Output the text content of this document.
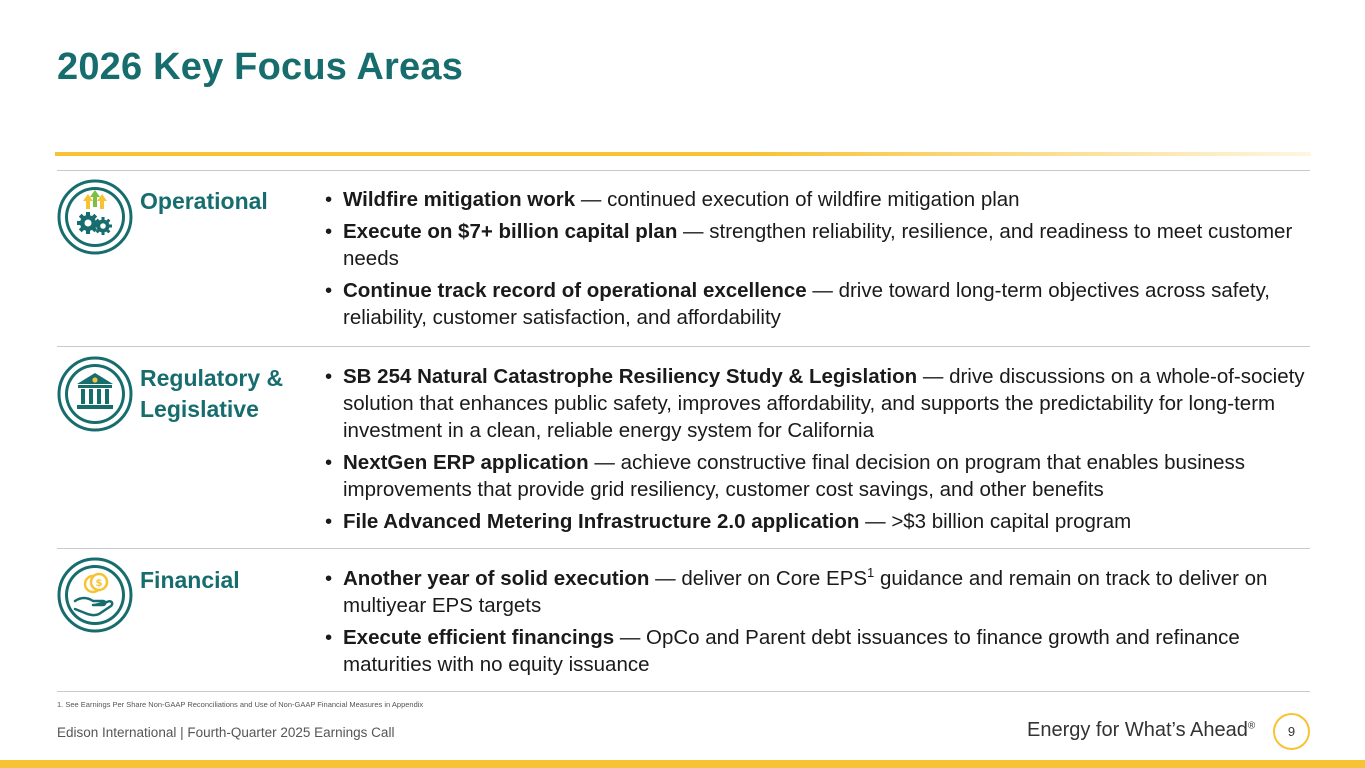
2026 Key Focus Areas
Operational	• Wildfire mitigation work — continued execution of wildfire mitigation plan
• Execute on $7+ billion capital plan — strengthen reliability, resilience, and readiness to meet customer needs
• Continue track record of operational excellence — drive toward long-term objectives across safety, reliability, customer satisfaction, and affordability
Regulatory & Legislative
• SB 254 Natural Catastrophe Resiliency Study & Legislation — drive discussions on a whole-of-society solution that enhances public safety, improves affordability, and supports the predictability for long-term investment in a clean, reliable energy system for California
• NextGen ERP application — achieve constructive final decision on program that enables business improvements that provide grid resiliency, customer cost savings, and other benefits
• File Advanced Metering Infrastructure 2.0 application — >$3 billion capital program
$ Financial	• Another year of solid execution — deliver on Core EPS$^1$ guidance and remain on track to deliver on multiyear EPS targets
• Execute efficient financings — OpCo and Parent debt issuances to finance growth and refinance maturities with no equity issuance
1. See Earnings Per Share Non-GAAP Reconciliations and Use of Non-GAAP Financial Measures in Appendix
Edison International | Fourth-Quarter 2025 Earnings Call	Energy for What’s Ahead®	9
